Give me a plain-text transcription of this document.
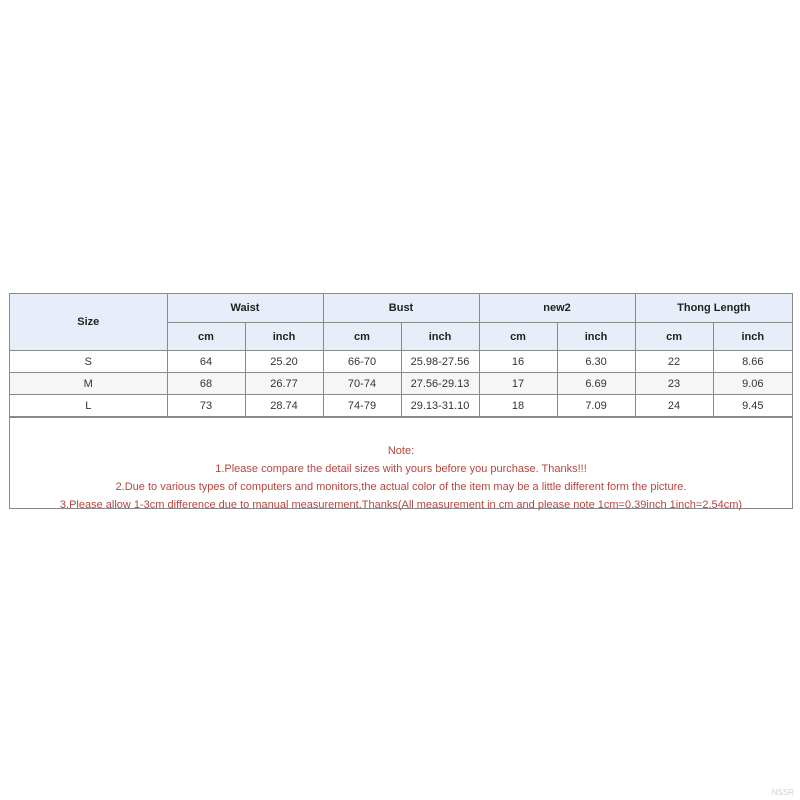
Size	Waist		Bust		new2		Thong Length	
	cm	inch	cm	inch	cm	inch	cm	inch
S	64	25.20	66-70	25.98-27.56	16	6.30	22	8.66
M	68	26.77	70-74	27.56-29.13	17	6.69	23	9.06
L	73	28.74	74-79	29.13-31.10	18	7.09	24	9.45
Note:
1.Please compare the detail sizes with yours before you purchase. Thanks!!!
2.Due to various types of computers and monitors,the actual color of the item may be a little different form the picture.
3.Please allow 1-3cm difference due to manual measurement.Thanks(All measurement in cm and please note 1cm=0.39inch 1inch=2.54cm)
NSSR
